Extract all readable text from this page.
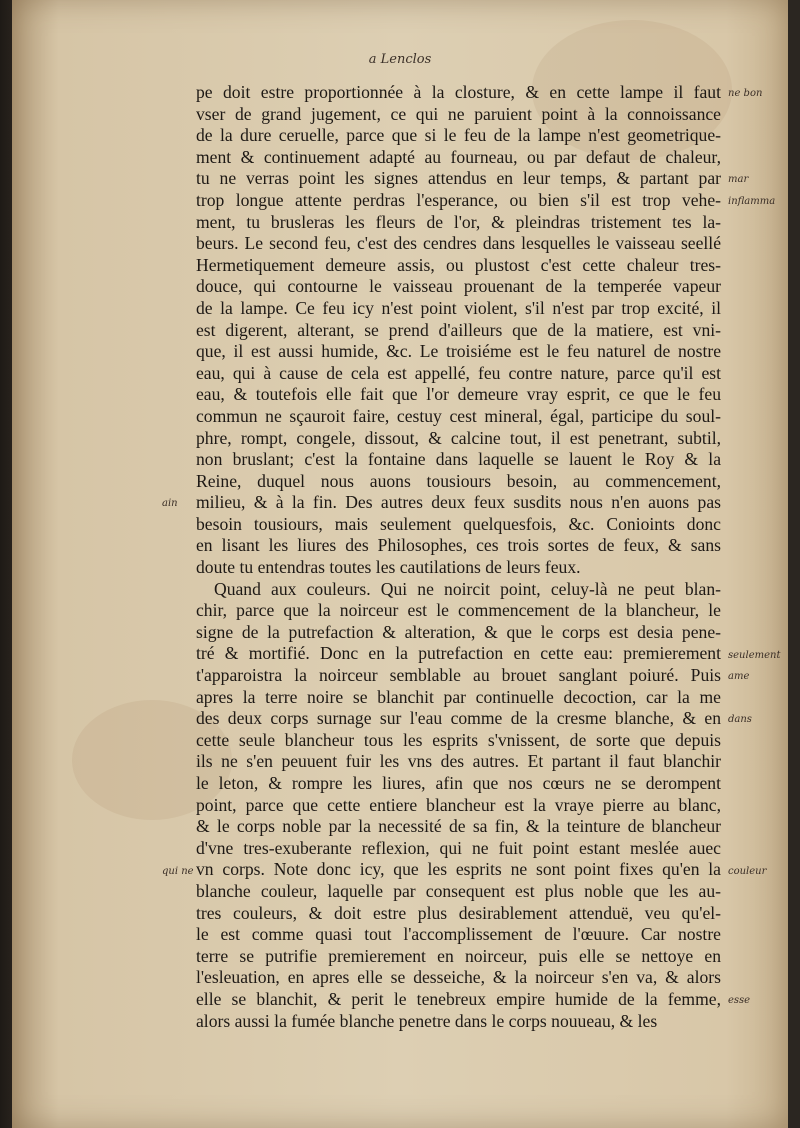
a Lenclos
pe doit estre proportionnée à la closture, & en cette lampe il faut
vser de grand jugement, ce qui ne paruient point à la connoissance
de la dure ceruelle, parce que si le feu de la lampe n'est geometrique-
ment & continuement adapté au fourneau, ou par defaut de chaleur,
tu ne verras point les signes attendus en leur temps, & partant par
trop longue attente perdras l'esperance, ou bien s'il est trop vehe-
ment, tu brusleras les fleurs de l'or, & pleindras tristement tes la-
beurs. Le second feu, c'est des cendres dans lesquelles le vaisseau seellé
Hermetiquement demeure assis, ou plustost c'est cette chaleur tres-
douce, qui contourne le vaisseau prouenant de la temperée vapeur
de la lampe. Ce feu icy n'est point violent, s'il n'est par trop excité, il
est digerent, alterant, se prend d'ailleurs que de la matiere, est vni-
que, il est aussi humide, &c. Le troisiéme est le feu naturel de nostre
eau, qui à cause de cela est appellé, feu contre nature, parce qu'il est
eau, & toutefois elle fait que l'or demeure vray esprit, ce que le feu
commun ne sçauroit faire, cestuy cest mineral, égal, participe du soul-
phre, rompt, congele, dissout, & calcine tout, il est penetrant, subtil,
non bruslant; c'est la fontaine dans laquelle se lauent le Roy & la
Reine, duquel nous auons tousiours besoin, au commencement,
milieu, & à la fin. Des autres deux feux susdits nous n'en auons pas
besoin tousiours, mais seulement quelquesfois, &c. Conioints donc
en lisant les liures des Philosophes, ces trois sortes de feux, & sans
doute tu entendras toutes les cautilations de leurs feux.
Quand aux couleurs. Qui ne noircit point, celuy-là ne peut blan-
chir, parce que la noirceur est le commencement de la blancheur, le
signe de la putrefaction & alteration, & que le corps est desia pene-
tré & mortifié. Donc en la putrefaction en cette eau: premierement
t'apparoistra la noirceur semblable au brouet sanglant poiuré. Puis
apres la terre noire se blanchit par continuelle decoction, car la me
des deux corps surnage sur l'eau comme de la cresme blanche, & en
cette seule blancheur tous les esprits s'vnissent, de sorte que depuis
ils ne s'en peuuent fuir les vns des autres. Et partant il faut blanchir
le leton, & rompre les liures, afin que nos cœurs ne se derompent
point, parce que cette entiere blancheur est la vraye pierre au blanc,
& le corps noble par la necessité de sa fin, & la teinture de blancheur
d'vne tres-exuberante reflexion, qui ne fuit point estant meslée auec
vn corps. Note donc icy, que les esprits ne sont point fixes qu'en la
blanche couleur, laquelle par consequent est plus noble que les au-
tres couleurs, & doit estre plus desirablement attenduë, veu qu'el-
le est comme quasi tout l'accomplissement de l'œuure. Car nostre
terre se putrifie premierement en noirceur, puis elle se nettoye en
l'esleuation, en apres elle se desseiche, & la noirceur s'en va, & alors
elle se blanchit, & perit le tenebreux empire humide de la femme,
alors aussi la fumée blanche penetre dans le corps nouueau, & les
ne bon
mar
inflamma
seulement
ame
dans
couleur
esse
ain
qui ne
